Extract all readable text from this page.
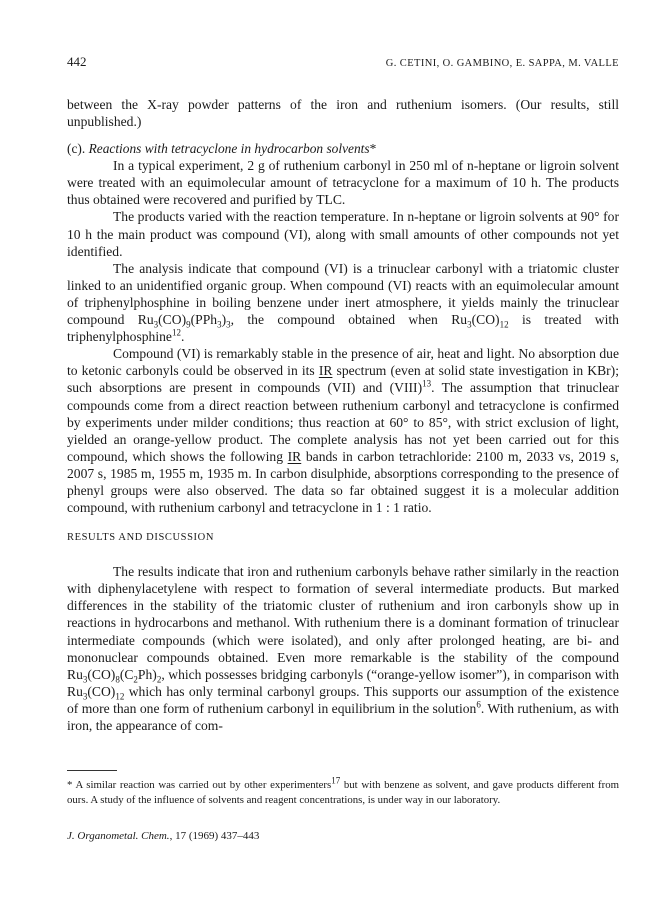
442	G. CETINI, O. GAMBINO, E. SAPPA, M. VALLE

between the X-ray powder patterns of the iron and ruthenium isomers. (Our results, still unpublished.)

(c). Reactions with tetracyclone in hydrocarbon solvents*

In a typical experiment, 2 g of ruthenium carbonyl in 250 ml of n-heptane or ligroin solvent were treated with an equimolecular amount of tetracyclone for a maximum of 10 h. The products thus obtained were recovered and purified by TLC.

The products varied with the reaction temperature. In n-heptane or ligroin solvents at 90° for 10 h the main product was compound (VI), along with small amounts of other compounds not yet identified.

The analysis indicate that compound (VI) is a trinuclear carbonyl with a triatomic cluster linked to an unidentified organic group. When compound (VI) reacts with an equimolecular amount of triphenylphosphine in boiling benzene under inert atmosphere, it yields mainly the trinuclear compound $Ru_3(CO)_9(PPh_3)_3$, the compound obtained when $Ru_3(CO)_{12}$ is treated with triphenylphosphine$^{12}$.

Compound (VI) is remarkably stable in the presence of air, heat and light. No absorption due to ketonic carbonyls could be observed in its IR spectrum (even at solid state investigation in KBr); such absorptions are present in compounds (VII) and (VIII)$^{13}$. The assumption that trinuclear compounds come from a direct reaction between ruthenium carbonyl and tetracyclone is confirmed by experiments under milder conditions; thus reaction at 60° to 85°, with strict exclusion of light, yielded an orange-yellow product. The complete analysis has not yet been carried out for this compound, which shows the following IR bands in carbon tetrachloride: 2100 m, 2033 vs, 2019 s, 2007 s, 1985 m, 1955 m, 1935 m. In carbon disulphide, absorptions corresponding to the presence of phenyl groups were also observed. The data so far obtained suggest it is a molecular addition compound, with ruthenium carbonyl and tetracyclone in 1 : 1 ratio.

RESULTS AND DISCUSSION

The results indicate that iron and ruthenium carbonyls behave rather similarly in the reaction with diphenylacetylene with respect to formation of several intermediate products. But marked differences in the stability of the triatomic cluster of ruthenium and iron carbonyls show up in reactions in hydrocarbons and methanol. With ruthenium there is a dominant formation of trinuclear intermediate compounds (which were isolated), and only after prolonged heating, are bi- and mononuclear compounds obtained. Even more remarkable is the stability of the compound $Ru_3(CO)_8(C_2Ph)_2$, which possesses bridging carbonyls (“orange-yellow isomer”), in comparison with $Ru_3(CO)_{12}$ which has only terminal carbonyl groups. This supports our assumption of the existence of more than one form of ruthenium carbonyl in equilibrium in the solution$^6$. With ruthenium, as with iron, the appearance of com-

* A similar reaction was carried out by other experimenters$^{17}$ but with benzene as solvent, and gave products different from ours. A study of the influence of solvents and reagent concentrations, is under way in our laboratory.
J. Organometal. Chem., 17 (1969) 437–443
